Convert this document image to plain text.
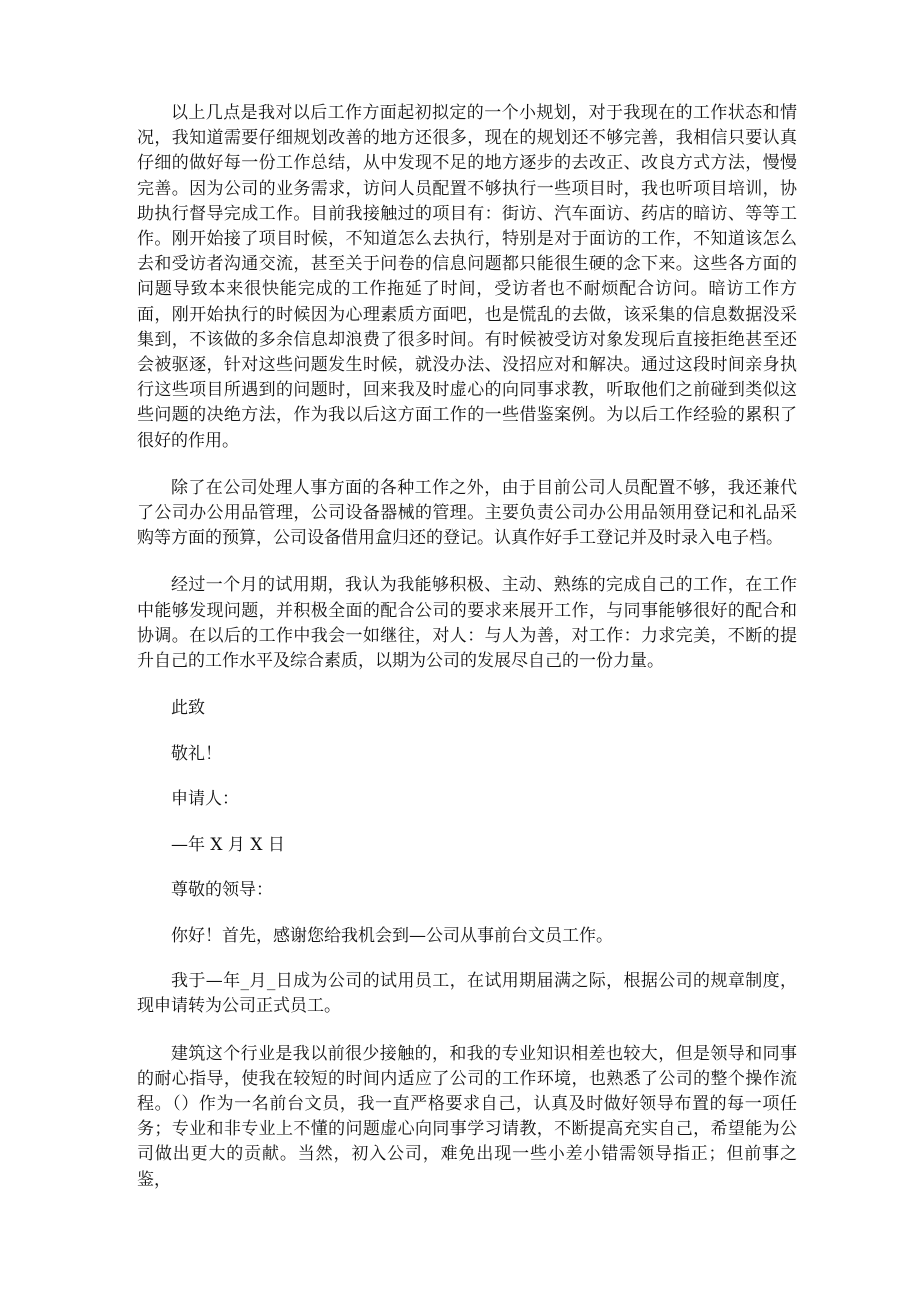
以上几点是我对以后工作方面起初拟定的一个小规划，对于我现在的工作状态和情况，我知道需要仔细规划改善的地方还很多，现在的规划还不够完善，我相信只要认真仔细的做好每一份工作总结，从中发现不足的地方逐步的去改正、改良方式方法，慢慢完善。因为公司的业务需求，访问人员配置不够执行一些项目时，我也听项目培训，协助执行督导完成工作。目前我接触过的项目有：街访、汽车面访、药店的暗访、等等工作。刚开始接了项目时候，不知道怎么去执行，特别是对于面访的工作，不知道该怎么去和受访者沟通交流，甚至关于问卷的信息问题都只能很生硬的念下来。这些各方面的问题导致本来很快能完成的工作拖延了时间，受访者也不耐烦配合访问。暗访工作方面，刚开始执行的时候因为心理素质方面吧，也是慌乱的去做，该采集的信息数据没采集到，不该做的多余信息却浪费了很多时间。有时候被受访对象发现后直接拒绝甚至还会被驱逐，针对这些问题发生时候，就没办法、没招应对和解决。通过这段时间亲身执行这些项目所遇到的问题时，回来我及时虚心的向同事求教，听取他们之前碰到类似这些问题的决绝方法，作为我以后这方面工作的一些借鉴案例。为以后工作经验的累积了很好的作用。

除了在公司处理人事方面的各种工作之外，由于目前公司人员配置不够，我还兼代了公司办公用品管理，公司设备器械的管理。主要负责公司办公用品领用登记和礼品采购等方面的预算，公司设备借用盒归还的登记。认真作好手工登记并及时录入电子档。

经过一个月的试用期，我认为我能够积极、主动、熟练的完成自己的工作，在工作中能够发现问题，并积极全面的配合公司的要求来展开工作，与同事能够很好的配合和协调。在以后的工作中我会一如继往，对人：与人为善，对工作：力求完美，不断的提升自己的工作水平及综合素质，以期为公司的发展尽自己的一份力量。

此致

敬礼！

申请人：

—年 X 月 X 日

尊敬的领导：

你好！首先，感谢您给我机会到—公司从事前台文员工作。

我于—年_月_日成为公司的试用员工，在试用期届满之际，根据公司的规章制度，现申请转为公司正式员工。

建筑这个行业是我以前很少接触的，和我的专业知识相差也较大，但是领导和同事的耐心指导，使我在较短的时间内适应了公司的工作环境，也熟悉了公司的整个操作流程。（）作为一名前台文员，我一直严格要求自己，认真及时做好领导布置的每一项任务；专业和非专业上不懂的问题虚心向同事学习请教，不断提高充实自己，希望能为公司做出更大的贡献。当然，初入公司，难免出现一些小差小错需领导指正；但前事之鉴，
